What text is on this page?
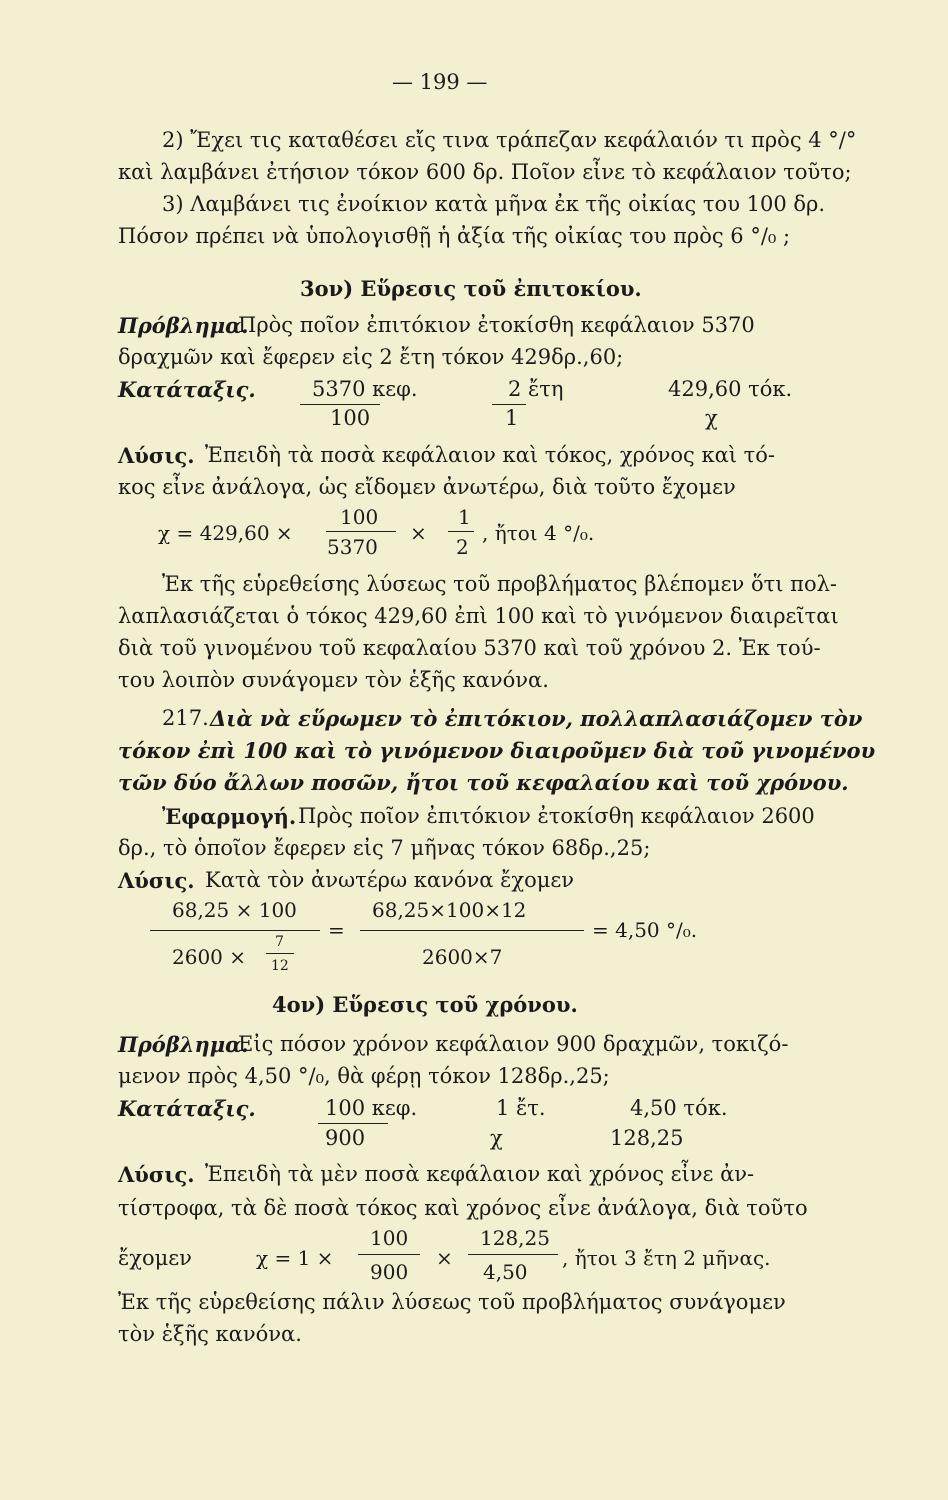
— 199 —
2) Ἔχει τις καταθέσει εἴς τινα τράπεζαν κεφάλαιόν τι πρὸς 4 °/°
καὶ λαμβάνει ἐτήσιον τόκον 600 δρ. Ποῖον εἶνε τὸ κεφάλαιον τοῦτο;
3) Λαμβάνει τις ἐνοίκιον κατὰ μῆνα ἐκ τῆς οἰκίας του 100 δρ.
Πόσον πρέπει νὰ ὑπολογισθῇ ἡ ἀξία τῆς οἰκίας του πρὸς 6 °/₀ ;
3ον) Εὕρεσις τοῦ ἐπιτοκίου.
Πρόβλημα.
Πρὸς ποῖον ἐπιτόκιον ἐτοκίσθη κεφάλαιον 5370
δραχμῶν καὶ ἔφερεν εἰς 2 ἔτη τόκον 429δρ.,60;
Κατάταξις.	5370 κεφ.	2 ἔτη	429,60 τόκ.
100	1	χ
Λύσις. Ἐπειδὴ τὰ ποσὰ κεφάλαιον καὶ τόκος, χρόνος καὶ τό-
κος εἶνε ἀνάλογα, ὡς εἴδομεν ἀνωτέρω, διὰ τοῦτο ἔχομεν
χ = 429,60 ×
100
5370
×
1
2
, ἤτοι 4 °/₀.
Ἐκ τῆς εὑρεθείσης λύσεως τοῦ προβλήματος βλέπομεν ὅτι πολ-
λαπλασιάζεται ὁ τόκος 429,60 ἐπὶ 100 καὶ τὸ γινόμενον διαιρεῖται
διὰ τοῦ γινομένου τοῦ κεφαλαίου 5370 καὶ τοῦ χρόνου 2. Ἐκ τού-
του λοιπὸν συνάγομεν τὸν ἑξῆς κανόνα.
217. Διὰ νὰ εὕρωμεν τὸ ἐπιτόκιον, πολλαπλασιάζομεν τὸν
τόκον ἐπὶ 100 καὶ τὸ γινόμενον διαιροῦμεν διὰ τοῦ γινομένου
τῶν δύο ἄλλων ποσῶν, ἤτοι τοῦ κεφαλαίου καὶ τοῦ χρόνου.
Ἐφαρμογή. Πρὸς ποῖον ἐπιτόκιον ἐτοκίσθη κεφάλαιον 2600
δρ., τὸ ὁποῖον ἔφερεν εἰς 7 μῆνας τόκον 68δρ.,25;
Λύσις. Κατὰ τὸν ἀνωτέρω κανόνα ἔχομεν
68,25 × 100
2600 ×
7
12
=
68,25×100×12
2600×7
= 4,50 °/₀.
4ον) Εὕρεσις τοῦ χρόνου.
Πρόβλημα.
Εἰς πόσον χρόνον κεφάλαιον 900 δραχμῶν, τοκιζό-
μενον πρὸς 4,50 °/₀, θὰ φέρῃ τόκον 128δρ.,25;
Κατάταξις.	100 κεφ.	1 ἔτ.	4,50 τόκ.
900	χ	128,25
Λύσις. Ἐπειδὴ τὰ μὲν ποσὰ κεφάλαιον καὶ χρόνος εἶνε ἀν-
τίστροφα, τὰ δὲ ποσὰ τόκος καὶ χρόνος εἶνε ἀνάλογα, διὰ τοῦτο
ἔχομεν	χ = 1 ×
100
900
×
128,25
4,50
, ἤτοι 3 ἔτη 2 μῆνας.
Ἐκ τῆς εὑρεθείσης πάλιν λύσεως τοῦ προβλήματος συνάγομεν
τὸν ἑξῆς κανόνα.
